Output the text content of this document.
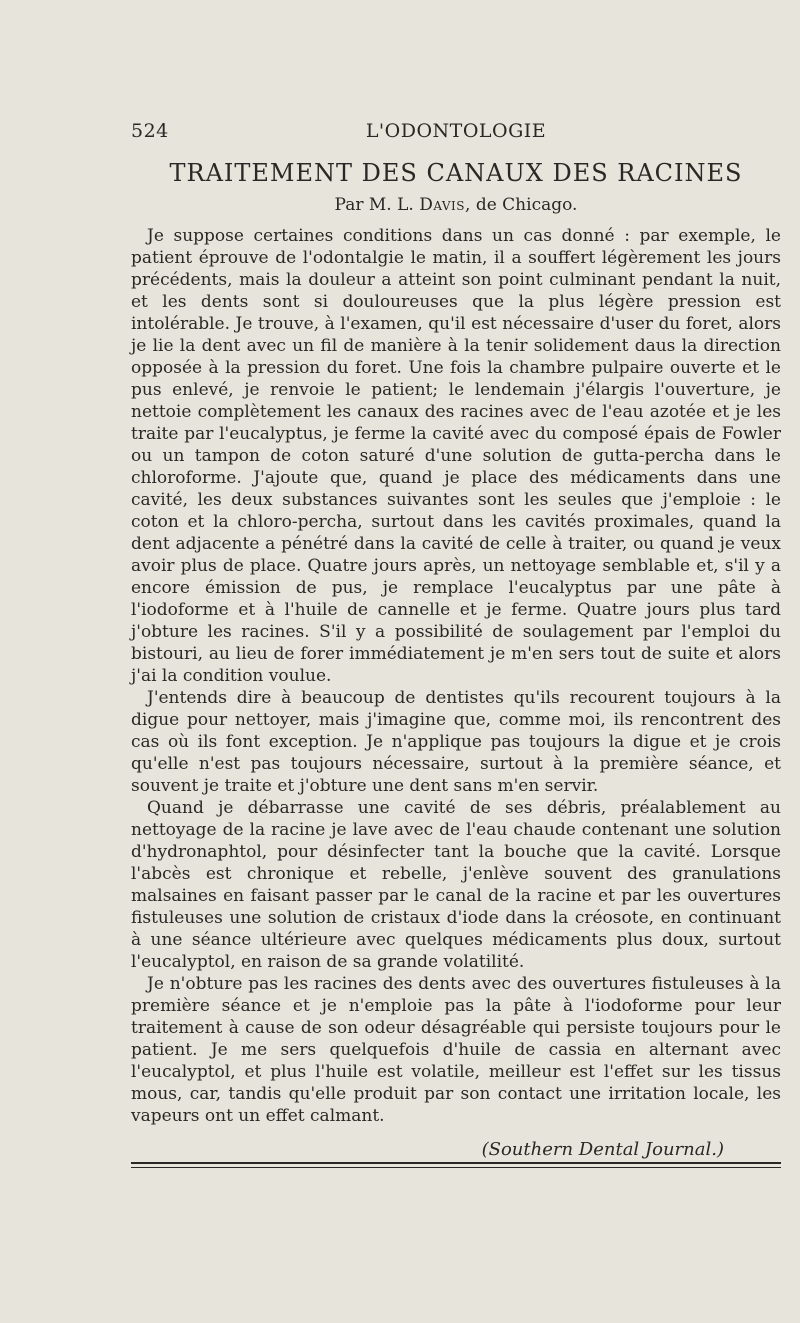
524	L'ODONTOLOGIE
TRAITEMENT DES CANAUX DES RACINES
Par M. L. Davis, de Chicago.

Je suppose certaines conditions dans un cas donné : par exemple, le patient éprouve de l'odontalgie le matin, il a souffert légèrement les jours précédents, mais la douleur a atteint son point culminant pendant la nuit, et les dents sont si douloureuses que la plus légère pression est intolérable. Je trouve, à l'examen, qu'il est nécessaire d'user du foret, alors je lie la dent avec un fil de manière à la tenir solidement daus la direction opposée à la pression du foret. Une fois la chambre pulpaire ouverte et le pus enlevé, je renvoie le patient; le lendemain j'élargis l'ouverture, je nettoie complètement les canaux des racines avec de l'eau azotée et je les traite par l'eucalyptus, je ferme la cavité avec du composé épais de Fowler ou un tampon de coton saturé d'une solution de gutta-percha dans le chloroforme. J'ajoute que, quand je place des médicaments dans une cavité, les deux substances suivantes sont les seules que j'emploie : le coton et la chloro-percha, surtout dans les cavités proximales, quand la dent adjacente a pénétré dans la cavité de celle à traiter, ou quand je veux avoir plus de place. Quatre jours après, un nettoyage semblable et, s'il y a encore émission de pus, je remplace l'eucalyptus par une pâte à l'iodoforme et à l'huile de cannelle et je ferme. Quatre jours plus tard j'obture les racines. S'il y a possibilité de soulagement par l'emploi du bistouri, au lieu de forer immédiatement je m'en sers tout de suite et alors j'ai la condition voulue.

J'entends dire à beaucoup de dentistes qu'ils recourent toujours à la digue pour nettoyer, mais j'imagine que, comme moi, ils rencontrent des cas où ils font exception. Je n'applique pas toujours la digue et je crois qu'elle n'est pas toujours nécessaire, surtout à la première séance, et souvent je traite et j'obture une dent sans m'en servir.

Quand je débarrasse une cavité de ses débris, préalablement au nettoyage de la racine je lave avec de l'eau chaude contenant une solution d'hydronaphtol, pour désinfecter tant la bouche que la cavité. Lorsque l'abcès est chronique et rebelle, j'enlève souvent des granulations malsaines en faisant passer par le canal de la racine et par les ouvertures fistuleuses une solution de cristaux d'iode dans la créosote, en continuant à une séance ultérieure avec quelques médicaments plus doux, surtout l'eucalyptol, en raison de sa grande volatilité.

Je n'obture pas les racines des dents avec des ouvertures fistuleuses à la première séance et je n'emploie pas la pâte à l'iodoforme pour leur traitement à cause de son odeur désagréable qui persiste toujours pour le patient. Je me sers quelquefois d'huile de cassia en alternant avec l'eucalyptol, et plus l'huile est volatile, meilleur est l'effet sur les tissus mous, car, tandis qu'elle produit par son contact une irritation locale, les vapeurs ont un effet calmant.

(Southern Dental Journal.)
